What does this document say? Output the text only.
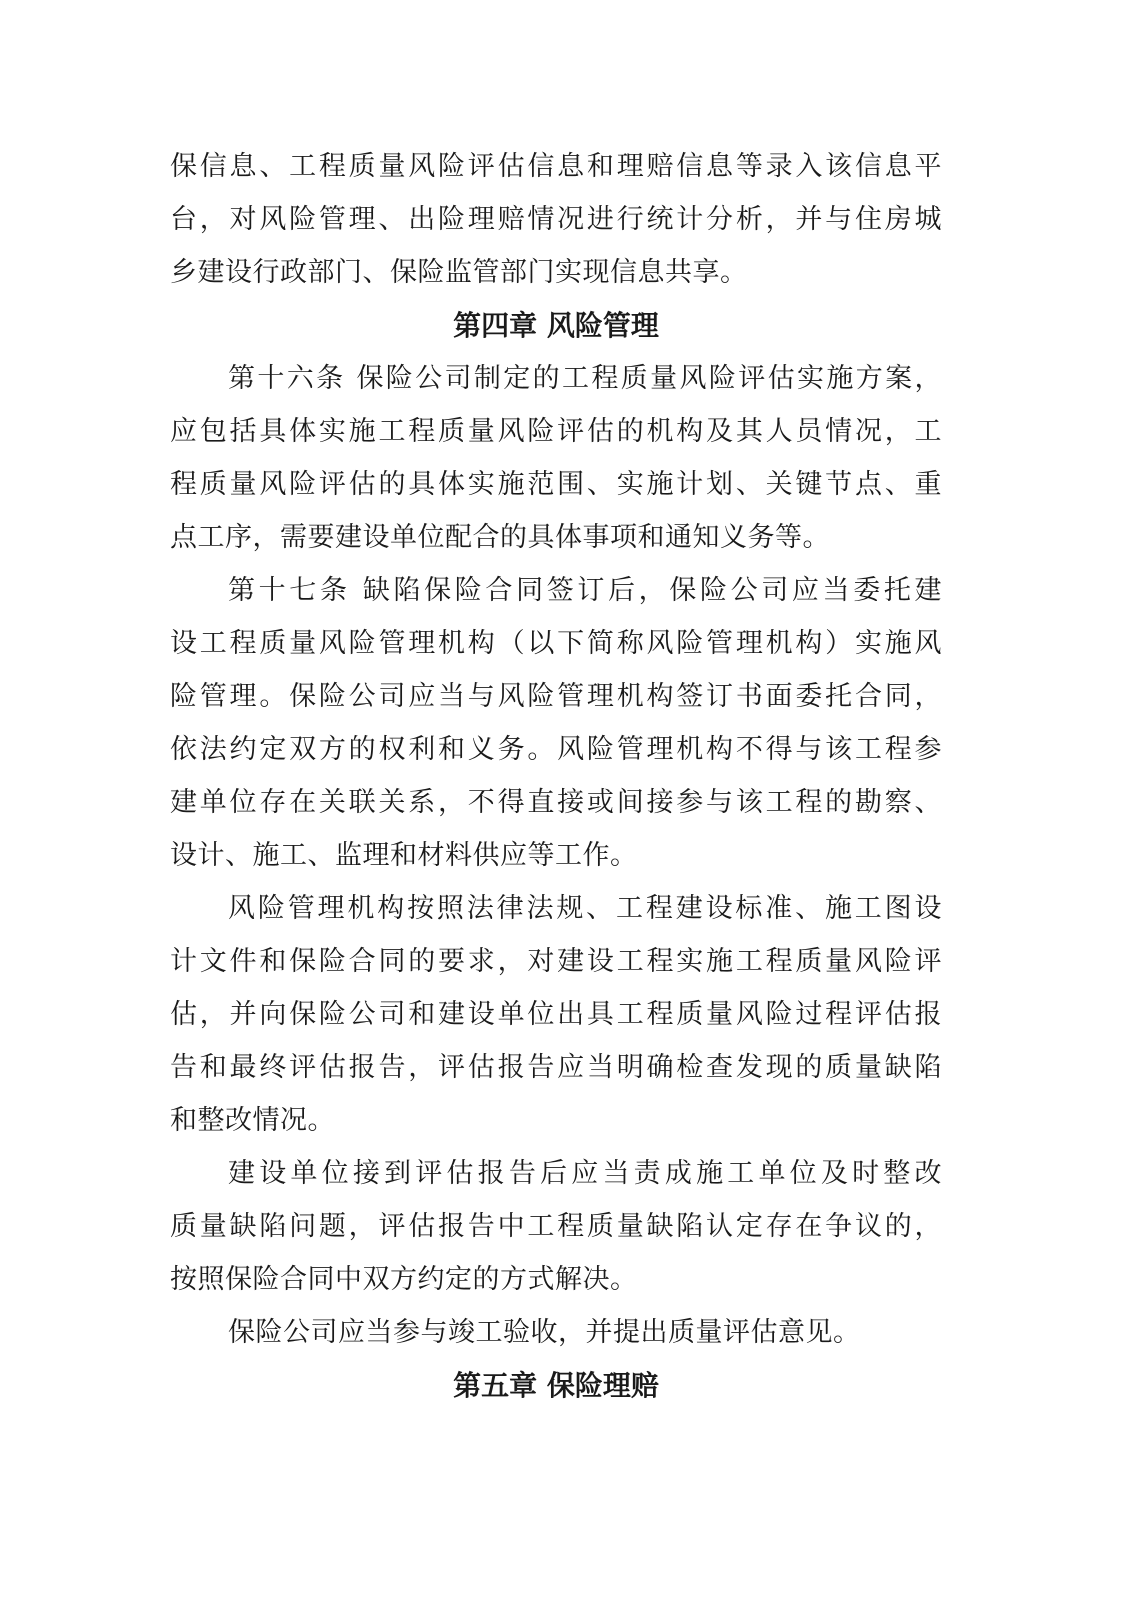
保信息、工程质量风险评估信息和理赔信息等录入该信息平
台，对风险管理、出险理赔情况进行统计分析，并与住房城
乡建设行政部门、保险监管部门实现信息共享。

第四章 风险管理

第十六条 保险公司制定的工程质量风险评估实施方案，
应包括具体实施工程质量风险评估的机构及其人员情况，工
程质量风险评估的具体实施范围、实施计划、关键节点、重
点工序，需要建设单位配合的具体事项和通知义务等。

第十七条 缺陷保险合同签订后，保险公司应当委托建
设工程质量风险管理机构（以下简称风险管理机构）实施风
险管理。保险公司应当与风险管理机构签订书面委托合同，
依法约定双方的权利和义务。风险管理机构不得与该工程参
建单位存在关联关系，不得直接或间接参与该工程的勘察、
设计、施工、监理和材料供应等工作。

风险管理机构按照法律法规、工程建设标准、施工图设
计文件和保险合同的要求，对建设工程实施工程质量风险评
估，并向保险公司和建设单位出具工程质量风险过程评估报
告和最终评估报告，评估报告应当明确检查发现的质量缺陷
和整改情况。

建设单位接到评估报告后应当责成施工单位及时整改
质量缺陷问题，评估报告中工程质量缺陷认定存在争议的，
按照保险合同中双方约定的方式解决。

保险公司应当参与竣工验收，并提出质量评估意见。

第五章 保险理赔
